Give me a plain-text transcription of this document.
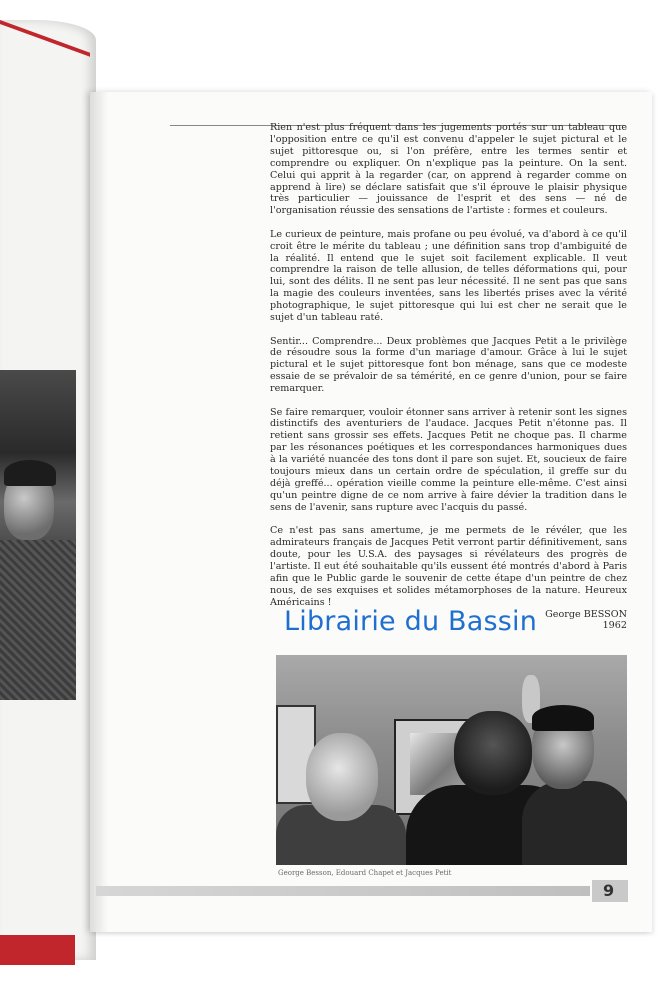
Rien n'est plus fréquent dans les jugements portés sur un tableau que l'opposition entre ce qu'il est convenu d'appeler le sujet pictural et le sujet pittoresque ou, si l'on préfère, entre les termes sentir et comprendre ou expliquer. On n'explique pas la peinture. On la sent. Celui qui apprit à la regarder (car, on apprend à regarder comme on apprend à lire) se déclare satisfait que s'il éprouve le plaisir physique très particulier — jouissance de l'esprit et des sens — né de l'organisation réussie des sensations de l'artiste : formes et couleurs.

Le curieux de peinture, mais profane ou peu évolué, va d'abord à ce qu'il croit être le mérite du tableau ; une définition sans trop d'ambiguité de la réalité. Il entend que le sujet soit facilement explicable. Il veut comprendre la raison de telle allusion, de telles déformations qui, pour lui, sont des délits. Il ne sent pas leur nécessité. Il ne sent pas que sans la magie des couleurs inventées, sans les libertés prises avec la vérité photographique, le sujet pittoresque qui lui est cher ne serait que le sujet d'un tableau raté.

Sentir... Comprendre... Deux problèmes que Jacques Petit a le privilège de résoudre sous la forme d'un mariage d'amour. Grâce à lui le sujet pictural et le sujet pittoresque font bon ménage, sans que ce modeste essaie de se prévaloir de sa témérité, en ce genre d'union, pour se faire remarquer.

Se faire remarquer, vouloir étonner sans arriver à retenir sont les signes distinctifs des aventuriers de l'audace. Jacques Petit n'étonne pas. Il retient sans grossir ses effets. Jacques Petit ne choque pas. Il charme par les résonances poétiques et les correspondances harmoniques dues à la variété nuancée des tons dont il pare son sujet. Et, soucieux de faire toujours mieux dans un certain ordre de spéculation, il greffe sur du déjà greffé... opération vieille comme la peinture elle-même. C'est ainsi qu'un peintre digne de ce nom arrive à faire dévier la tradition dans le sens de l'avenir, sans rupture avec l'acquis du passé.

Ce n'est pas sans amertume, je me permets de le révéler, que les admirateurs français de Jacques Petit verront partir définitivement, sans doute, pour les U.S.A. des paysages si révélateurs des progrès de l'artiste. Il eut été souhaitable qu'ils eussent été montrés d'abord à Paris afin que le Public garde le souvenir de cette étape d'un peintre de chez nous, de ses exquises et solides métamorphoses de la nature. Heureux Américains !

George BESSON
1962
Librairie du Bassin
George Besson, Edouard Chapet et Jacques Petit
9
